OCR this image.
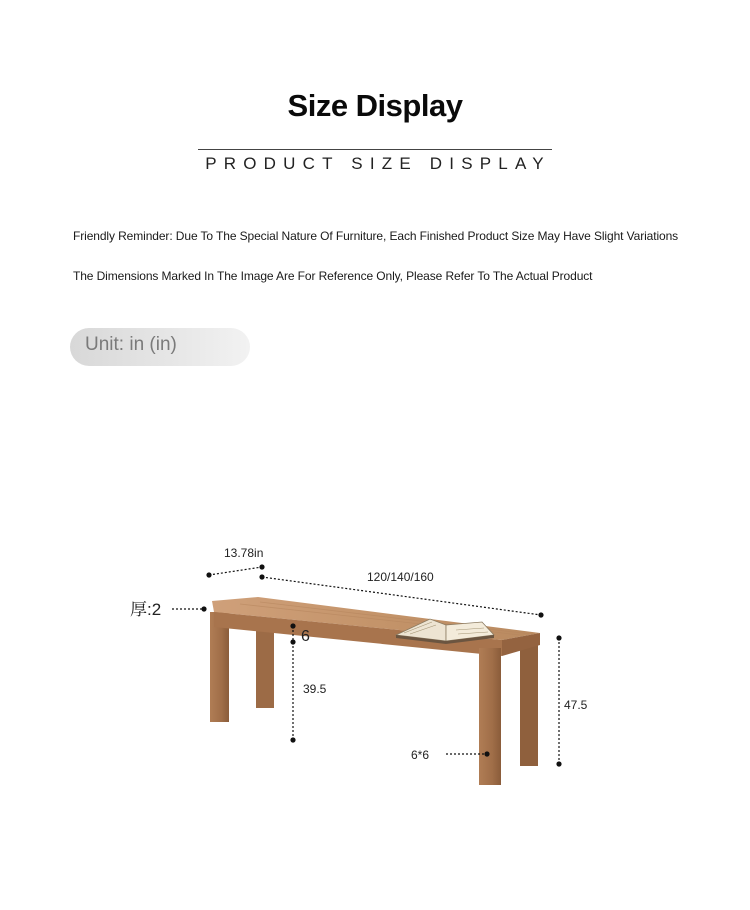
Size Display
PRODUCT SIZE DISPLAY
Friendly Reminder: Due To The Special Nature Of Furniture, Each Finished Product Size May Have Slight Variations
The Dimensions Marked In The Image Are For Reference Only, Please Refer To The Actual Product
Unit: in (in)
13.78in
120/140/160
厚:2
6
39.5
47.5
6*6
